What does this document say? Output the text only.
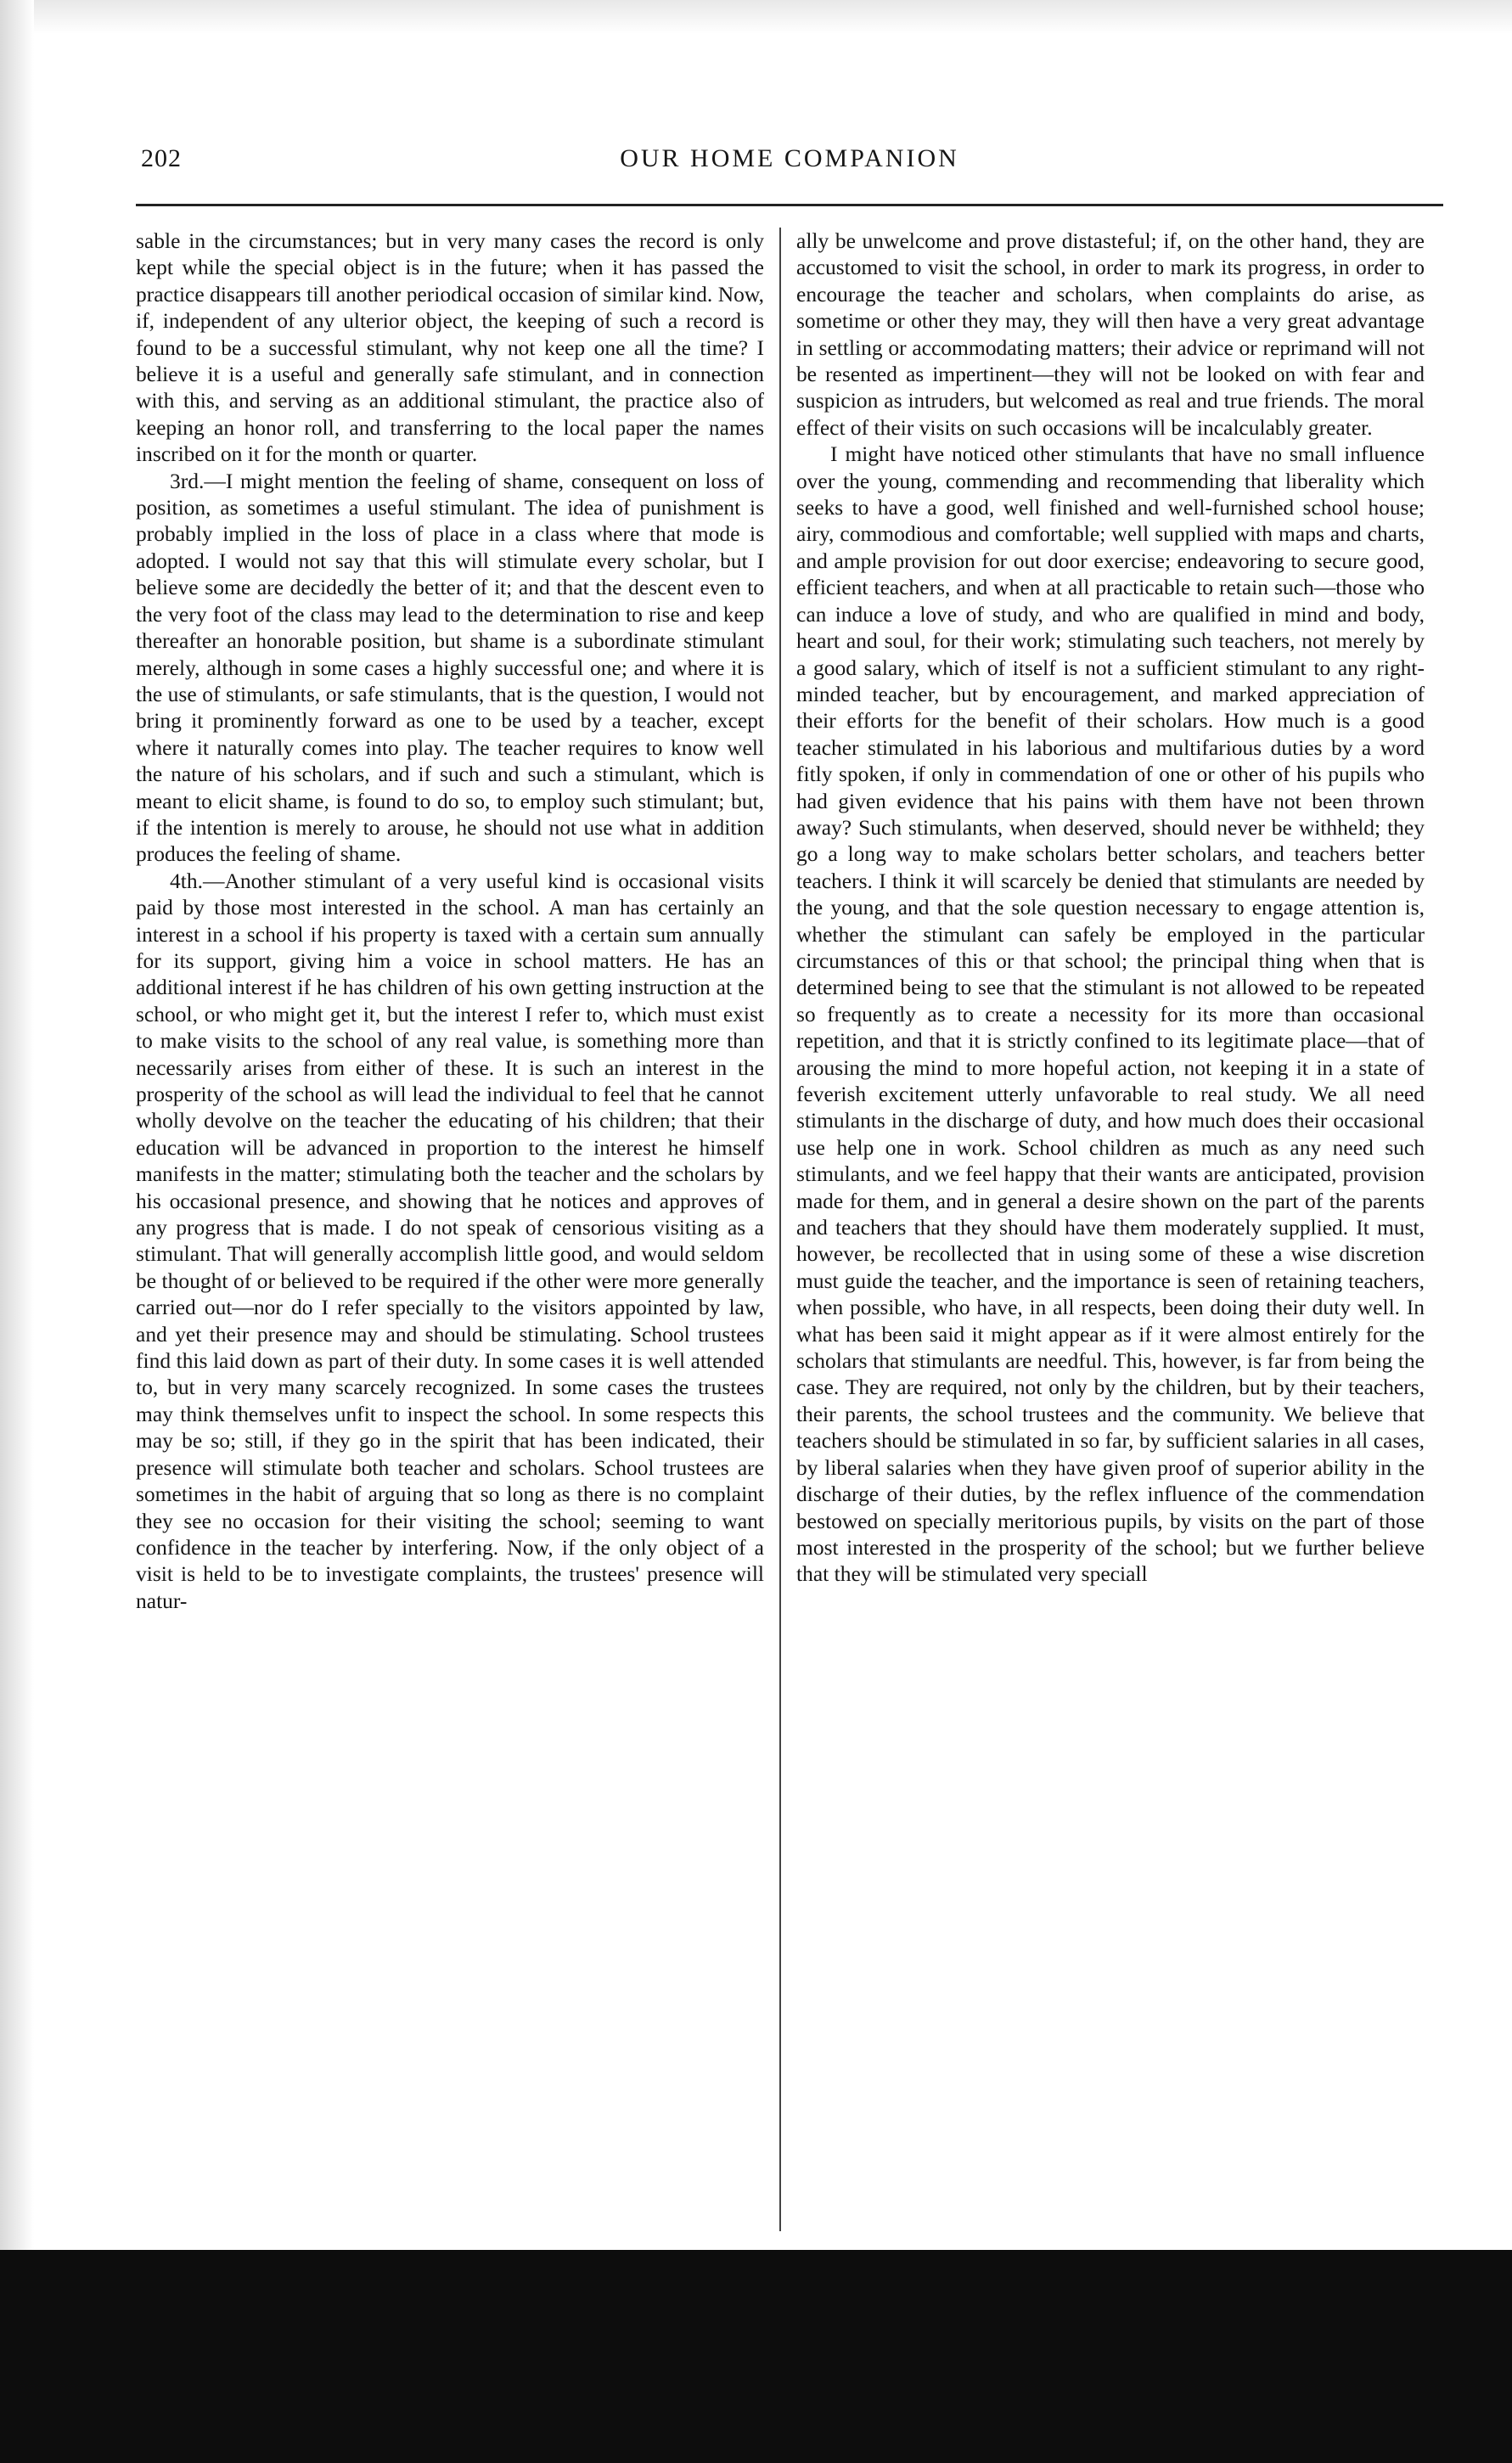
202	OUR HOME COMPANION

sable in the circumstances; but in very many cases the record is only kept while the special object is in the future; when it has passed the practice disappears till another periodical occasion of similar kind. Now, if, independent of any ulterior object, the keeping of such a record is found to be a successful stimulant, why not keep one all the time? I believe it is a useful and generally safe stimulant, and in connection with this, and serving as an additional stimulant, the practice also of keeping an honor roll, and transferring to the local paper the names inscribed on it for the month or quarter.

3rd.—I might mention the feeling of shame, consequent on loss of position, as sometimes a useful stimulant. The idea of punishment is probably implied in the loss of place in a class where that mode is adopted. I would not say that this will stimulate every scholar, but I believe some are decidedly the better of it; and that the descent even to the very foot of the class may lead to the determination to rise and keep thereafter an honorable position, but shame is a subordinate stimulant merely, although in some cases a highly successful one; and where it is the use of stimulants, or safe stimulants, that is the question, I would not bring it prominently forward as one to be used by a teacher, except where it naturally comes into play. The teacher requires to know well the nature of his scholars, and if such and such a stimulant, which is meant to elicit shame, is found to do so, to employ such stimulant; but, if the intention is merely to arouse, he should not use what in addition produces the feeling of shame.

4th.—Another stimulant of a very useful kind is occasional visits paid by those most interested in the school. A man has certainly an interest in a school if his property is taxed with a certain sum annually for its support, giving him a voice in school matters. He has an additional interest if he has children of his own getting instruction at the school, or who might get it, but the interest I refer to, which must exist to make visits to the school of any real value, is something more than necessarily arises from either of these. It is such an interest in the prosperity of the school as will lead the individual to feel that he cannot wholly devolve on the teacher the educating of his children; that their education will be advanced in proportion to the interest he himself manifests in the matter; stimulating both the teacher and the scholars by his occasional presence, and showing that he notices and approves of any progress that is made. I do not speak of censorious visiting as a stimulant. That will generally accomplish little good, and would seldom be thought of or believed to be required if the other were more generally carried out—nor do I refer specially to the visitors appointed by law, and yet their presence may and should be stimulating. School trustees find this laid down as part of their duty. In some cases it is well attended to, but in very many scarcely recognized. In some cases the trustees may think themselves unfit to inspect the school. In some respects this may be so; still, if they go in the spirit that has been indicated, their presence will stimulate both teacher and scholars. School trustees are sometimes in the habit of arguing that so long as there is no complaint they see no occasion for their visiting the school; seeming to want confidence in the teacher by interfering. Now, if the only object of a visit is held to be to investigate complaints, the trustees' presence will natur-

ally be unwelcome and prove distasteful; if, on the other hand, they are accustomed to visit the school, in order to mark its progress, in order to encourage the teacher and scholars, when complaints do arise, as sometime or other they may, they will then have a very great advantage in settling or accommodating matters; their advice or reprimand will not be resented as impertinent—they will not be looked on with fear and suspicion as intruders, but welcomed as real and true friends. The moral effect of their visits on such occasions will be incalculably greater.

I might have noticed other stimulants that have no small influence over the young, commending and recommending that liberality which seeks to have a good, well finished and well-furnished school house; airy, commodious and comfortable; well supplied with maps and charts, and ample provision for out door exercise; endeavoring to secure good, efficient teachers, and when at all practicable to retain such—those who can induce a love of study, and who are qualified in mind and body, heart and soul, for their work; stimulating such teachers, not merely by a good salary, which of itself is not a sufficient stimulant to any right-minded teacher, but by encouragement, and marked appreciation of their efforts for the benefit of their scholars. How much is a good teacher stimulated in his laborious and multifarious duties by a word fitly spoken, if only in commendation of one or other of his pupils who had given evidence that his pains with them have not been thrown away? Such stimulants, when deserved, should never be withheld; they go a long way to make scholars better scholars, and teachers better teachers. I think it will scarcely be denied that stimulants are needed by the young, and that the sole question necessary to engage attention is, whether the stimulant can safely be employed in the particular circumstances of this or that school; the principal thing when that is determined being to see that the stimulant is not allowed to be repeated so frequently as to create a necessity for its more than occasional repetition, and that it is strictly confined to its legitimate place—that of arousing the mind to more hopeful action, not keeping it in a state of feverish excitement utterly unfavorable to real study. We all need stimulants in the discharge of duty, and how much does their occasional use help one in work. School children as much as any need such stimulants, and we feel happy that their wants are anticipated, provision made for them, and in general a desire shown on the part of the parents and teachers that they should have them moderately supplied. It must, however, be recollected that in using some of these a wise discretion must guide the teacher, and the importance is seen of retaining teachers, when possible, who have, in all respects, been doing their duty well. In what has been said it might appear as if it were almost entirely for the scholars that stimulants are needful. This, however, is far from being the case. They are required, not only by the children, but by their teachers, their parents, the school trustees and the community. We believe that teachers should be stimulated in so far, by sufficient salaries in all cases, by liberal salaries when they have given proof of superior ability in the discharge of their duties, by the reflex influence of the commendation bestowed on specially meritorious pupils, by visits on the part of those most interested in the prosperity of the school; but we further believe that they will be stimulated very speciall
